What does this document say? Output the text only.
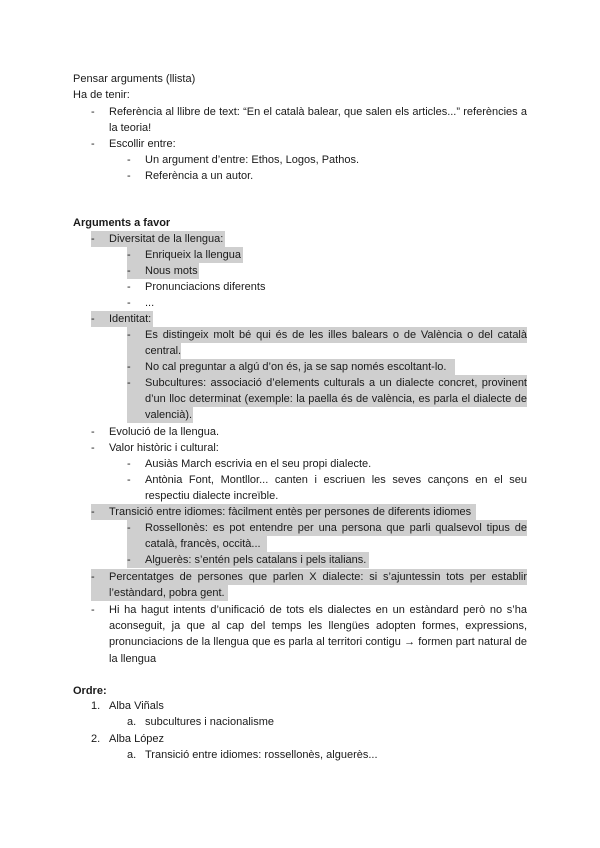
Pensar arguments (llista)
Ha de tenir:
-	Referència al llibre de text: “En el català balear, que salen els articles...” referències a la teoria!
-	Escollir entre:
-	Un argument d’entre: Ethos, Logos, Pathos.
-	Referència a un autor.
Arguments a favor
-	Diversitat de la llengua:
-	Enriqueix la llengua
-	Nous mots
-	Pronunciacions diferents
-	...
-	Identitat:
-	Es distingeix molt bé qui és de les illes balears o de València o del català central.
-	No cal preguntar a algú d’on és, ja se sap només escoltant-lo.
-	Subcultures: associació d’elements culturals a un dialecte concret, provinent d’un lloc determinat (exemple: la paella és de valència, es parla el dialecte de valencià).
-	Evolució de la llengua.
-	Valor històric i cultural:
-	Ausiàs March escrivia en el seu propi dialecte.
-	Antònia Font, Montllor... canten i escriuen les seves cançons en el seu respectiu dialecte increïble.
-	Transició entre idiomes: fàcilment entès per persones de diferents idiomes
-	Rossellonès: es pot entendre per una persona que parli qualsevol tipus de català, francès, occità...
-	Alguerès: s’entén pels catalans i pels italians.
-	Percentatges de persones que parlen X dialecte: si s’ajuntessin tots per establir l’estàndard, pobra gent.
-	Hi ha hagut intents d’unificació de tots els dialectes en un estàndard però no s’ha aconseguit, ja que al cap del temps les llengües adopten formes, expressions, pronunciacions de la llengua que es parla al territori contigu → formen part natural de la llengua
Ordre:
1. Alba Viñals
a. subcultures i nacionalisme
2. Alba López
a. Transició entre idiomes: rossellonès, alguerès...
